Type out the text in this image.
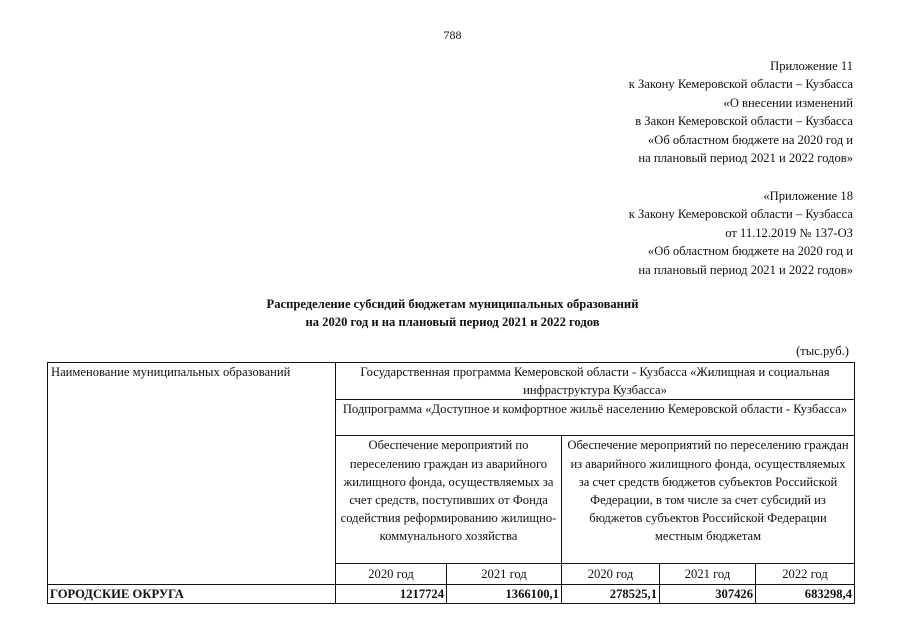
788
Приложение 11
к Закону Кемеровской области – Кузбасса
«О внесении изменений
в Закон Кемеровской области – Кузбасса
«Об областном бюджете на 2020 год и
на плановый период 2021 и 2022 годов»
«Приложение 18
к Закону Кемеровской области – Кузбасса
от 11.12.2019 № 137-ОЗ
«Об областном бюджете на 2020 год и
на плановый период 2021 и 2022 годов»
Распределение субсидий бюджетам муниципальных образований
на 2020 год и на плановый период 2021 и 2022 годов
(тыс.руб.)
Наименование муниципальных образований	Государственная программа Кемеровской области - Кузбасса «Жилищная и социальная инфраструктура Кузбасса»				
	Подпрограмма «Доступное и комфортное жильё населению Кемеровской области - Кузбасса»				
	Обеспечение мероприятий по переселению граждан из аварийного жилищного фонда, осуществляемых за счет средств, поступивших от Фонда содействия реформированию жилищно-коммунального хозяйства		Обеспечение мероприятий по переселению граждан из аварийного жилищного фонда, осуществляемых за счет средств бюджетов субъектов Российской Федерации, в том числе за счет субсидий из бюджетов субъектов Российской Федерации местным бюджетам		
	2020 год	2021 год	2020 год	2021 год	2022 год
ГОРОДСКИЕ ОКРУГА	1217724	1366100,1	278525,1	307426	683298,4
